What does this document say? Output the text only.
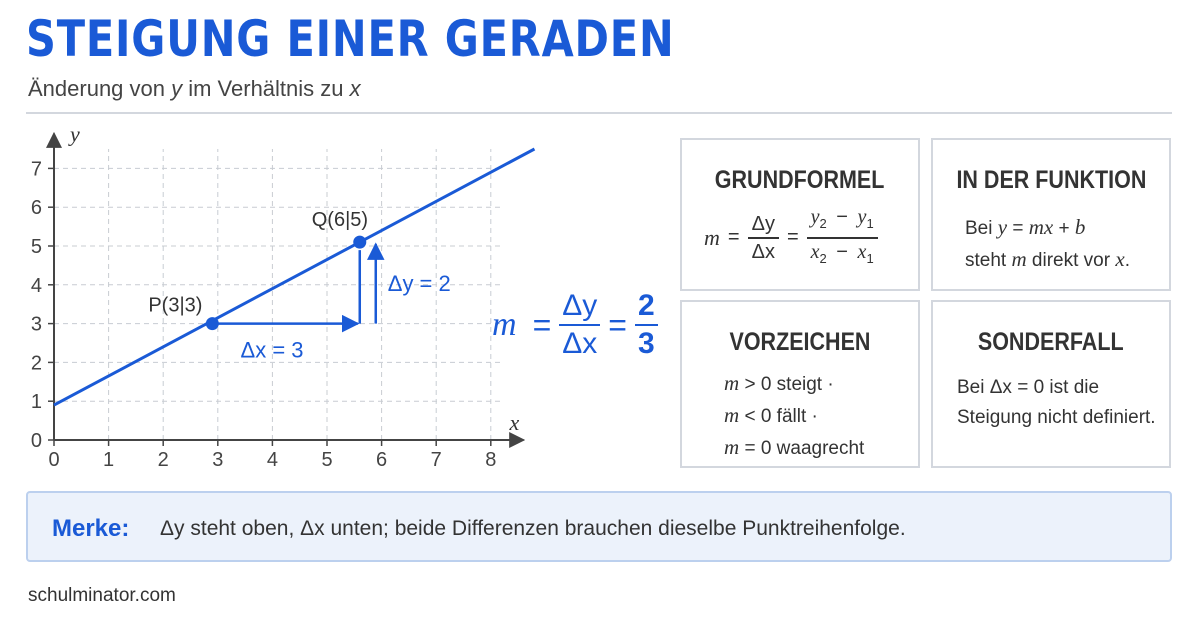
STEIGUNG EINER GERADEN
Änderung von y im Verhältnis zu x
0 1 2 3 4 5 6 7 8
0
1
2
3
4
5
6
7
x
y
P(3|3)
Q(6|5)
Δx = 3
Δy = 2
$m = \frac{\Delta y}{\Delta x} = \frac{2}{3}$
GRUNDFORMEL
$m = \frac{\Delta y}{\Delta x} = \frac{y_2 - y_1}{x_2 - x_1}$
IN DER FUNKTION
Bei y = mx + b
steht m direkt vor x.
VORZEICHEN
m > 0 steigt ·
m < 0 fällt ·
m = 0 waagrecht
SONDERFALL
Bei Δx = 0 ist die
Steigung nicht definiert.
Merke: Δy steht oben, Δx unten; beide Differenzen brauchen dieselbe Punktreihenfolge.
schulminator.com
